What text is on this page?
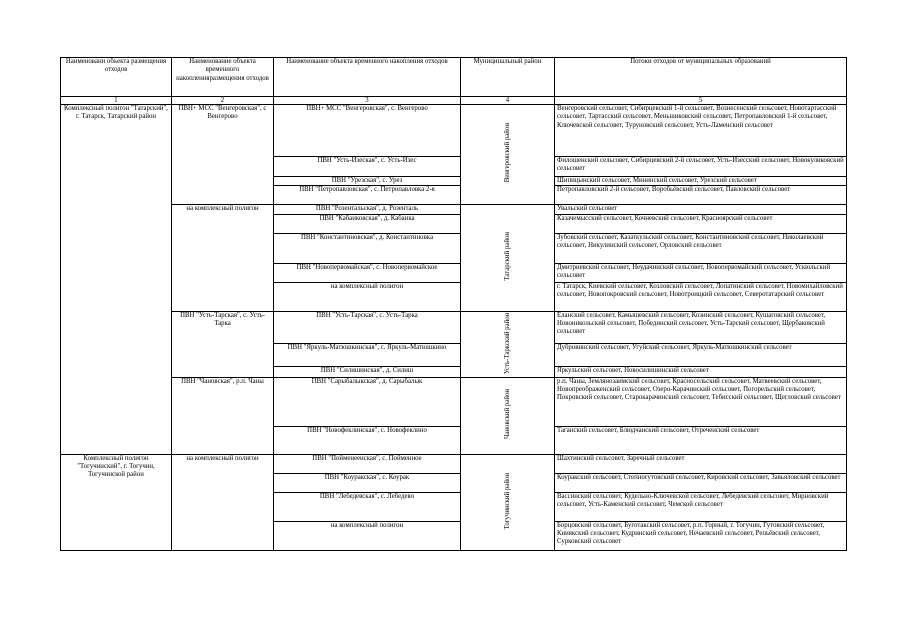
Наименовани объекта размещения отходов	Наименование объекта временного накопленияразмещения отходов	Наименование объекта временного накопления отходов	Муниципальный район	Потоки отходов от муниципальных образований
1	2	3	4	5
Комплексный полигон "Татарский", г. Татарск, Татарский район	ПВН+ МСС "Венгеровская", с Венгерово	ПВН+ МСС "Венгеровская", с. Венгерово	Венгеровский район	Венгеровский сельсовет, Сибирцевский 1-й сельсовет, Вознесенский сельсовет, Новотартасский сельсовет, Тартасский сельсовет, Меньшиковский сельсовет, Петропавловский 1-й сельсовет, Ключевской сельсовет, Туруновский сельсовет, Усть-Ламенский сельсовет
		ПВН "Усть-Изеская", с. Усть-Изес		Филошенский сельсовет, Сибирцевский 2-й сельсовет, Усть-Изесский сельсовет, Новокуликовский сельсовет
		ПВН "Урезская", с. Урез		Шипицынский сельсовет, Мининский сельсовет, Урезский сельсовет
		ПВН "Петропавловская", с. Петропавловка 2-я		Петропавловский 2-й сельсовет, Воробьёвский сельсовет, Павловский сельсовет
	на комплексный полигон	ПВН "Розентальская", д. Розенталь	Татарский район	Увальский сельсовет
		ПВН "Кабанковская", д. Кабанка		Казачемысский сельсовет, Кочневский сельсовет, Красноярский сельсовет
		ПВН "Константиновская", д. Константиновка		Зубовский сельсовет, Казаткульский сельсовет, Константиновский сельсовет, Николаевский сельсовет, Никулинский сельсовет, Орловский сельсовет
		ПВН "Новопервомайская", с. Новопервомайское		Дмитриевский сельсовет, Неудачинский сельсовет, Новопервомайский сельсовет, Ускюльский сельсовет
		на комплексный полигон		г. Татарск, Киевский сельсовет, Козловский сельсовет, Лопатинский сельсовет, Новомихайловский сельсовет, Новопокровский сельсовет, Новотроицкий сельсовет, Северотатарский сельсовет
	ПВН "Усть-Тарская", с. Усть-Тарка	ПВН "Усть-Тарская", с. Усть-Тарка	Усть-Таркский район	Еланский сельсовет, Камышевский сельсовет, Козинский сельсовет, Кушаговский сельсовет, Новоникольский сельсовет, Побединский сельсовет, Усть-Тарский сельсовет, Щербаковский сельсовет
		ПВН "Яркуль-Матюшкинская", с. Яркуль-Матюшкино		Дубровинский сельсовет, Угуйский сельсовет, Яркуль-Матюшкинский сельсовет
		ПВН "Силишинская", д. Силиш		Яркульский сельсовет, Новосилишинский сельсовет
	ПВН "Чановская", р.п. Чаны	ПВН "Сарыбалыкская", д. Сарыбалык	Чановский район	р.п. Чаны, Землянозаимский сельсовет, Красносельский сельсовет, Матвеевский сельсовет, Новопреображенский сельсовет, Озеро-Карачинский сельсовет, Погорельский сельсовет, Покровский сельсовет, Старокарачинский сельсовет, Тебисский сельсовет, Щегловский сельсовет
		ПВН "Новофеклинская", с. Новофеклино		Таганский сельсовет, Блюдчанский сельсовет, Отреченский сельсовет
Комплексный полигон "Тогучинский", г. Тогучин, Тогучинской район	на комплексный полигон	ПВН "Пойменеенская", с. Пойменное	Тогучинский район	Шахтинский сельсовет, Заречный сельсовет
		ПВН "Коуракская", с. Коурак		Коуракский сельсовет, Степногутовский сельсовет, Кировский сельсовет, Завьяловский сельсовет
		ПВН "Лебедевская", с. Лебедево		Вассинский сельсовет, Кудельно-Ключевской сельсовет, Лебедевский сельсовет, Мирновский сельсовет, Усть-Каменский сельсовет, Чемской сельсовет
		на комплексный полигон		Борцовский сельсовет, Буготакский сельсовет, р.п. Горный, г. Тогучин, Гутовский сельсовет, Кииякский сельсовет, Кудринский сельсовет, Нечаевский сельсовет, Репьёвский сельсовет, Сурковский сельсовет
